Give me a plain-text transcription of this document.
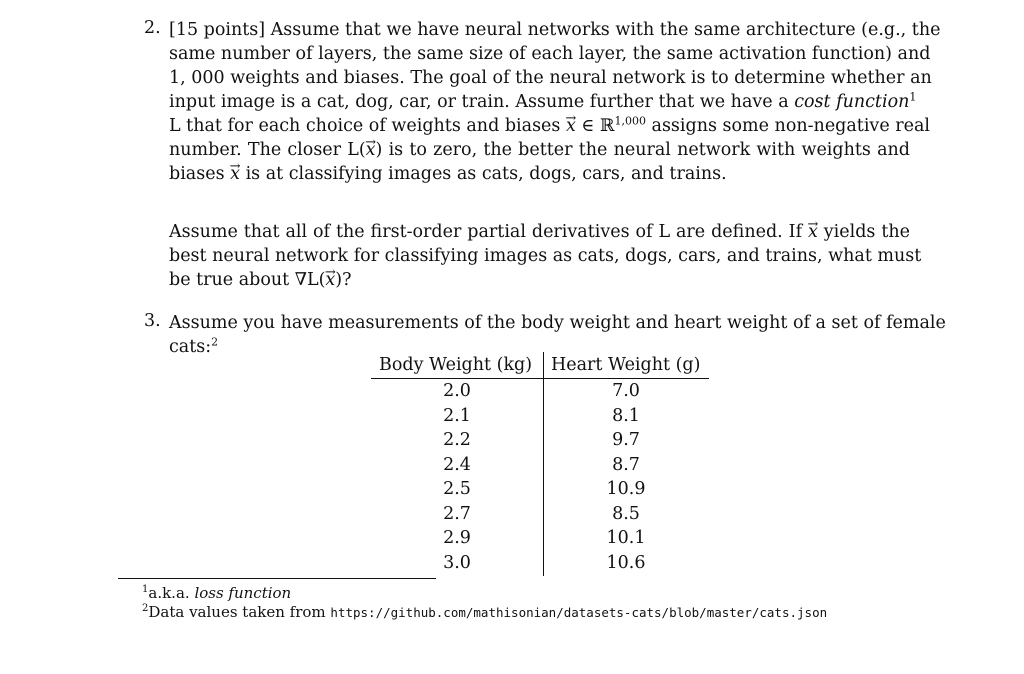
2. [15 points] Assume that we have neural networks with the same architecture (e.g., the
same number of layers, the same size of each layer, the same activation function) and
1, 000 weights and biases. The goal of the neural network is to determine whether an
input image is a cat, dog, car, or train. Assume further that we have a cost function$^1$
L that for each choice of weights and biases → x ∈ ℝ$^{1,000}$ assigns some non-negative real
number. The closer L(→ x) is to zero, the better the neural network with weights and
biases → x is at classifying images as cats, dogs, cars, and trains.
Assume that all of the first-order partial derivatives of L are defined. If → x yields the
best neural network for classifying images as cats, dogs, cars, and trains, what must
be true about ∇L(→ x)?
3. Assume you have measurements of the body weight and heart weight of a set of female
cats:$^2$
Body Weight (kg) Heart Weight (g)
2.0	7.0
2.1	8.1
2.2	9.7
2.4	8.7
2.5	10.9
2.7	8.5
2.9	10.1
3.0	10.6
$^1$a.k.a. loss function
$^2$Data values taken from https://github.com/mathisonian/datasets-cats/blob/master/cats.json
